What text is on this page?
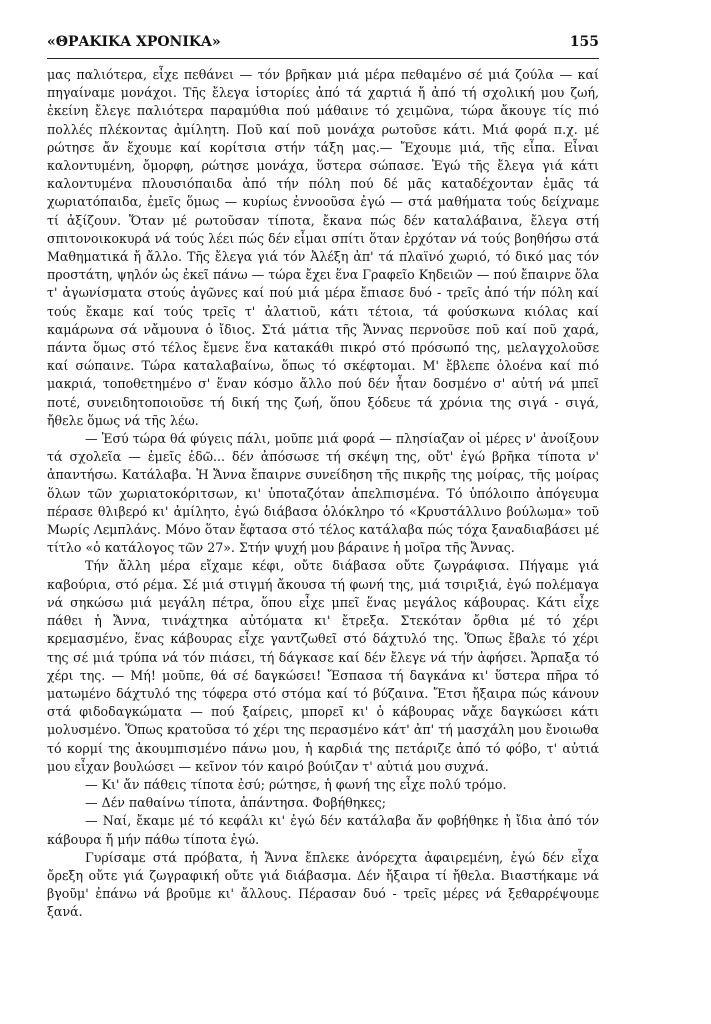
«ΘΡΑΚΙΚΑ ΧΡΟΝΙΚΑ»	155

μας παλιότερα, εἶχε πεθάνει — τόν βρῆκαν μιά μέρα πεθαμένο σέ μιά ζούλα — καί πηγαίναμε μονάχοι. Τῆς ἔλεγα ἱστορίες ἀπό τά χαρτιά ἤ ἀπό τή σχολική μου ζωή, ἐκείνη ἔλεγε παλιότερα παραμύθια πού μάθαινε τό χειμῶνα, τώρα ἄκουγε τίς πιό πολλές πλέκοντας ἀμίλητη. Ποῦ καί ποῦ μονάχα ρωτοῦσε κάτι. Μιά φορά π.χ. μέ ρώτησε ἄν ἔχουμε καί κορίτσια στήν τάξη μας.— Ἔχουμε μιά, τῆς εἶπα. Εἶναι καλοντυμένη, ὄμορφη, ρώτησε μονάχα, ὕστερα σώπασε. Ἐγώ τῆς ἔλεγα γιά κάτι καλοντυμένα πλουσιόπαιδα ἀπό τήν πόλη πού δέ μᾶς καταδέχονταν ἐμᾶς τά χωριατόπαιδα, ἐμεῖς ὅμως — κυρίως ἐννοοῦσα ἐγώ — στά μαθήματα τούς δείχναμε τί ἀξίζουν. Ὅταν μέ ρωτοῦσαν τίποτα, ἔκανα πώς δέν καταλάβαινα, ἔλεγα στή σπιτονοικοκυρά νά τούς λέει πώς δέν εἶμαι σπίτι ὅταν ἐρχόταν νά τούς βοηθήσω στά Μαθηματικά ἤ ἄλλο. Τῆς ἔλεγα γιά τόν Ἀλέξη ἀπ' τά πλαϊνό χωριό, τό δικό μας τόν προστάτη, ψηλόν ὡς ἐκεῖ πάνω — τώρα ἔχει ἕνα Γραφεῖο Κηδειῶν — πού ἔπαιρνε ὅλα τ' ἀγωνίσματα στούς ἀγῶνες καί πού μιά μέρα ἔπιασε δυό - τρεῖς ἀπό τήν πόλη καί τούς ἔκαμε καί τούς τρεῖς τ' ἀλατιοῦ, κάτι τέτοια, τά φούσκωνα κιόλας καί καμάρωνα σά νἄμουνα ὁ ἴδιος. Στά μάτια τῆς Ἄννας περνοῦσε ποῦ καί ποῦ χαρά, πάντα ὅμως στό τέλος ἔμενε ἕνα κατακάθι πικρό στό πρόσωπό της, μελαγχολοῦσε καί σώπαινε. Τώρα καταλαβαίνω, ὅπως τό σκέφτομαι. Μ' ἔβλεπε ὁλοένα καί πιό μακριά, τοποθετημένο σ' ἕναν κόσμο ἄλλο πού δέν ἦταν δοσμένο σ' αὐτή νά μπεῖ ποτέ, συνειδητοποιοῦσε τή δική της ζωή, ὅπου ξόδευε τά χρόνια της σιγά - σιγά, ἤθελε ὅμως νά τῆς λέω.

— Ἐσύ τώρα θά φύγεις πάλι, μοῦπε μιά φορά — πλησίαζαν οἱ μέρες ν' ἀνοίξουν τά σχολεῖα — ἐμεῖς ἐδῶ... δέν ἀπόσωσε τή σκέψη της, οὔτ' ἐγώ βρῆκα τίποτα ν' ἀπαντήσω. Κατάλαβα. Ἡ Ἄννα ἔπαιρνε συνείδηση τῆς πικρῆς της μοίρας, τῆς μοίρας ὅλων τῶν χωριατοκόριτσων, κι' ὑποταζόταν ἀπελπισμένα. Τό ὑπόλοιπο ἀπόγευμα πέρασε θλιβερό κι' ἀμίλητο, ἐγώ διάβασα ὁλόκληρο τό «Κρυστάλλινο βούλωμα» τοῦ Μωρίς Λεμπλάνς. Μόνο ὅταν ἔφτασα στό τέλος κατάλαβα πώς τόχα ξαναδιαβάσει μέ τίτλο «ὁ κατάλογος τῶν 27». Στήν ψυχή μου βάραινε ἡ μοῖρα τῆς Ἄννας.

Τήν ἄλλη μέρα εἴχαμε κέφι, οὔτε διάβασα οὔτε ζωγράφισα. Πήγαμε γιά καβούρια, στό ρέμα. Σέ μιά στιγμή ἄκουσα τή φωνή της, μιά τσιριξιά, ἐγώ πολέμαγα νά σηκώσω μιά μεγάλη πέτρα, ὅπου εἶχε μπεῖ ἕνας μεγάλος κάβουρας. Κάτι εἶχε πάθει ἡ Ἄννα, τινάχτηκα αὐτόματα κι' ἔτρεξα. Στεκόταν ὄρθια μέ τό χέρι κρεμασμένο, ἕνας κάβουρας εἶχε γαντζωθεῖ στό δάχτυλό της. Ὅπως ἔβαλε τό χέρι της σέ μιά τρύπα νά τόν πιάσει, τή δάγκασε καί δέν ἔλεγε νά τήν ἀφήσει. Ἄρπαξα τό χέρι της. — Μή! μοῦπε, θά σέ δαγκώσει! Ἔσπασα τή δαγκάνα κι' ὕστερα πῆρα τό ματωμένο δάχτυλό της τόφερα στό στόμα καί τό βύζαινα. Ἔτσι ἤξαιρα πώς κάνουν στά φιδοδαγκώματα — πού ξαίρεις, μπορεῖ κι' ὁ κάβουρας νἄχε δαγκώσει κάτι μολυσμένο. Ὅπως κρατοῦσα τό χέρι της περασμένο κάτ' ἀπ' τή μασχάλη μου ἔνοιωθα τό κορμί της ἀκουμπισμένο πάνω μου, ἡ καρδιά της πετάριζε ἀπό τό φόβο, τ' αὐτιά μου εἶχαν βουλώσει — κεῖνον τόν καιρό βούιζαν τ' αὐτιά μου συχνά.

— Κι' ἄν πάθεις τίποτα ἐσύ; ρώτησε, ἡ φωνή της εἶχε πολύ τρόμο.

— Δέν παθαίνω τίποτα, ἀπάντησα. Φοβήθηκες;

— Ναί, ἔκαμε μέ τό κεφάλι κι' ἐγώ δέν κατάλαβα ἄν φοβήθηκε ἡ ἴδια ἀπό τόν κάβουρα ἤ μήν πάθω τίποτα ἐγώ.

Γυρίσαμε στά πρόβατα, ἡ Ἄννα ἔπλεκε ἀνόρεχτα ἀφαιρεμένη, ἐγώ δέν εἶχα ὄρεξη οὔτε γιά ζωγραφική οὔτε γιά διάβασμα. Δέν ἤξαιρα τί ἤθελα. Βιαστήκαμε νά βγοῦμ' ἐπάνω νά βροῦμε κι' ἄλλους. Πέρασαν δυό - τρεῖς μέρες νά ξεθαρρέψουμε ξανά.
